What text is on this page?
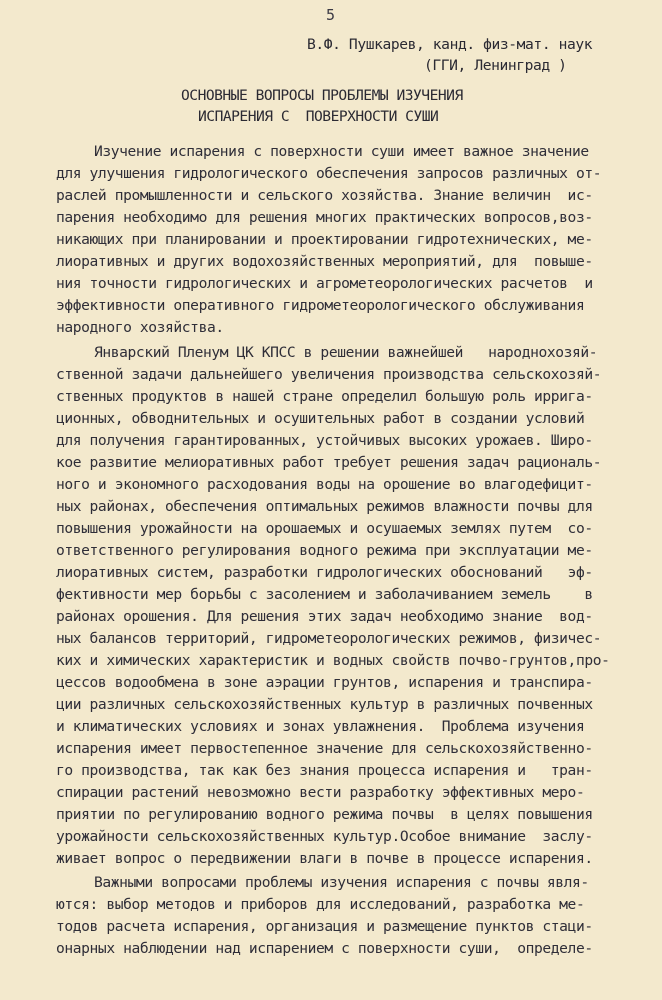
5
В.Ф. Пушкарев, канд. физ-мат. наук
(ГГИ, Ленинград )
ОСНОВНЫЕ ВОПРОСЫ ПРОБЛЕМЫ ИЗУЧЕНИЯ
ИСПАРЕНИЯ С  ПОВЕРХНОСТИ СУШИ
Изучение испарения с поверхности суши имеет важное значение
для улучшения гидрологического обеспечения запросов различных от-
раслей промышленности и сельского хозяйства. Знание величин  ис-
парения необходимо для решения многих практических вопросов,воз-
никающих при планировании и проектировании гидротехнических, ме-
лиоративных и других водохозяйственных мероприятий, для  повыше-
ния точности гидрологических и агрометеорологических расчетов  и
эффективности оперативного гидрометеорологического обслуживания
народного хозяйства.
Январский Пленум ЦК КПСС в решении важнейшей   народнохозяй-
ственной задачи дальнейшего увеличения производства сельскохозяй-
ственных продуктов в нашей стране определил большую роль ирригa-
ционных, обводнительных и осушительных работ в создании условий
для получения гарантированных, устойчивых высоких урожаев. Широ-
кое развитие мелиоративных работ требует решения задач рациональ-
ного и экономного расходования воды на орошение во влагодефицит-
ных районах, обеспечения оптимальных режимов влажности почвы для
повышения урожайности на орошаемых и осушаемых землях путем  со-
ответственного регулирования водного режима при эксплуатации ме-
лиоративных систем, разработки гидрологических обоснований   эф-
фективности мер борьбы с засолением и заболачиванием земель    в
районах орошения. Для решения этих задач необходимо знание  вод-
ных балансов территорий, гидрометеорологических режимов, физичес-
ких и химических характеристик и водных свойств почво-грунтов,про-
цессов водообмена в зоне аэрации грунтов, испарения и транспира-
ции различных сельскохозяйственных культур в различных почвенных
и климатических условиях и зонах увлажнения.  Проблема изучения
испарения имеет первостепенное значение для сельскохозяйственно-
го производства, так как без знания процесса испарения и   тран-
спирации растений невозможно вести разработку эффективных меро-
приятии по регулированию водного режима почвы  в целях повышения
урожайности сельскохозяйственных культур.Особое внимание  заслу-
живает вопрос о передвижении влаги в почве в процессе испарения.
Важными вопросами проблемы изучения испарения с почвы явля-
ются: выбор методов и приборов для исследований, разработка ме-
тодов расчета испарения, организация и размещение пунктов стаци-
онарных наблюдении над испарением с поверхности суши,  определе-
